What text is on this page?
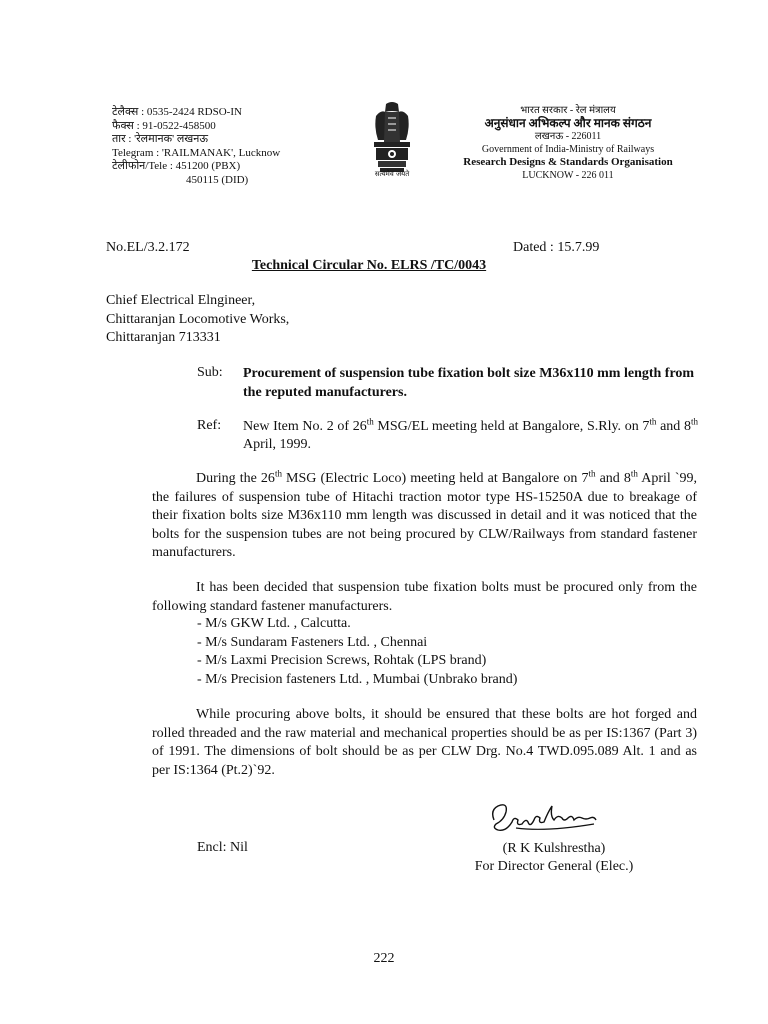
टेलैक्स : 0535-2424 RDSO-IN
फैक्स : 91-0522-458500
तार : 'रेलमानक' लखनऊ
Telegram : 'RAILMANAK', Lucknow
टेलीफोन/Tele : 451200 (PBX)
450115 (DID)	सत्यमेव जयते
भारत सरकार - रेल मंत्रालय
अनुसंधान अभिकल्प और मानक संगठन
लखनऊ - 226011
Government of India-Ministry of Railways
Research Designs & Standards Organisation
LUCKNOW - 226 011
No.EL/3.2.172	Dated : 15.7.99
Technical Circular No. ELRS /TC/0043
Chief Electrical Elngineer,
Chittaranjan Locomotive Works,
Chittaranjan 713331
Sub: Procurement of suspension tube fixation bolt size M36x110 mm length from the reputed manufacturers.
Ref: New Item No. 2 of 26th MSG/EL meeting held at Bangalore, S.Rly. on 7th and 8th April, 1999.
During the 26th MSG (Electric Loco) meeting held at Bangalore on 7th and 8th April `99, the failures of suspension tube of Hitachi traction motor type HS-15250A due to breakage of their fixation bolts size M36x110 mm length was discussed in detail and it was noticed that the bolts for the suspension tubes are not being procured by CLW/Railways from standard fastener manufacturers.
It has been decided that suspension tube fixation bolts must be procured only from the following standard fastener manufacturers.
- M/s GKW Ltd. , Calcutta.
- M/s Sundaram Fasteners Ltd. , Chennai
- M/s Laxmi Precision Screws, Rohtak (LPS brand)
- M/s Precision fasteners Ltd. , Mumbai (Unbrako brand)
While procuring above bolts, it should be ensured that these bolts are hot forged and rolled threaded and the raw material and mechanical properties should be as per IS:1367 (Part 3) of 1991. The dimensions of bolt should be as per CLW Drg. No.4 TWD.095.089 Alt. 1 and as per IS:1364 (Pt.2)`92.
Encl: Nil	(R K Kulshrestha)
For Director General (Elec.)
222
